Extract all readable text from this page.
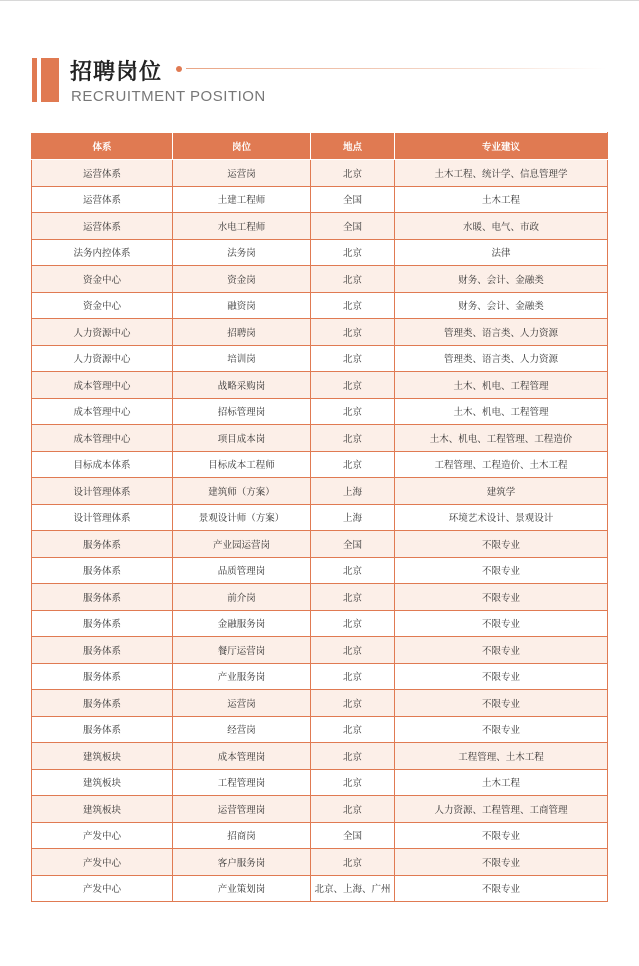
招聘岗位
RECRUITMENT POSITION
体系	岗位	地点	专业建议
运营体系	运营岗	北京	土木工程、统计学、信息管理学
运营体系	土建工程师	全国	土木工程
运营体系	水电工程师	全国	水暖、电气、市政
法务内控体系	法务岗	北京	法律
资金中心	资金岗	北京	财务、会计、金融类
资金中心	融资岗	北京	财务、会计、金融类
人力资源中心	招聘岗	北京	管理类、语言类、人力资源
人力资源中心	培训岗	北京	管理类、语言类、人力资源
成本管理中心	战略采购岗	北京	土木、机电、工程管理
成本管理中心	招标管理岗	北京	土木、机电、工程管理
成本管理中心	项目成本岗	北京	土木、机电、工程管理、工程造价
目标成本体系	目标成本工程师	北京	工程管理、工程造价、土木工程
设计管理体系	建筑师（方案）	上海	建筑学
设计管理体系	景观设计师（方案）	上海	环境艺术设计、景观设计
服务体系	产业园运营岗	全国	不限专业
服务体系	品质管理岗	北京	不限专业
服务体系	前介岗	北京	不限专业
服务体系	金融服务岗	北京	不限专业
服务体系	餐厅运营岗	北京	不限专业
服务体系	产业服务岗	北京	不限专业
服务体系	运营岗	北京	不限专业
服务体系	经营岗	北京	不限专业
建筑板块	成本管理岗	北京	工程管理、土木工程
建筑板块	工程管理岗	北京	土木工程
建筑板块	运营管理岗	北京	人力资源、工程管理、工商管理
产发中心	招商岗	全国	不限专业
产发中心	客户服务岗	北京	不限专业
产发中心	产业策划岗	北京、上海、广州	不限专业
